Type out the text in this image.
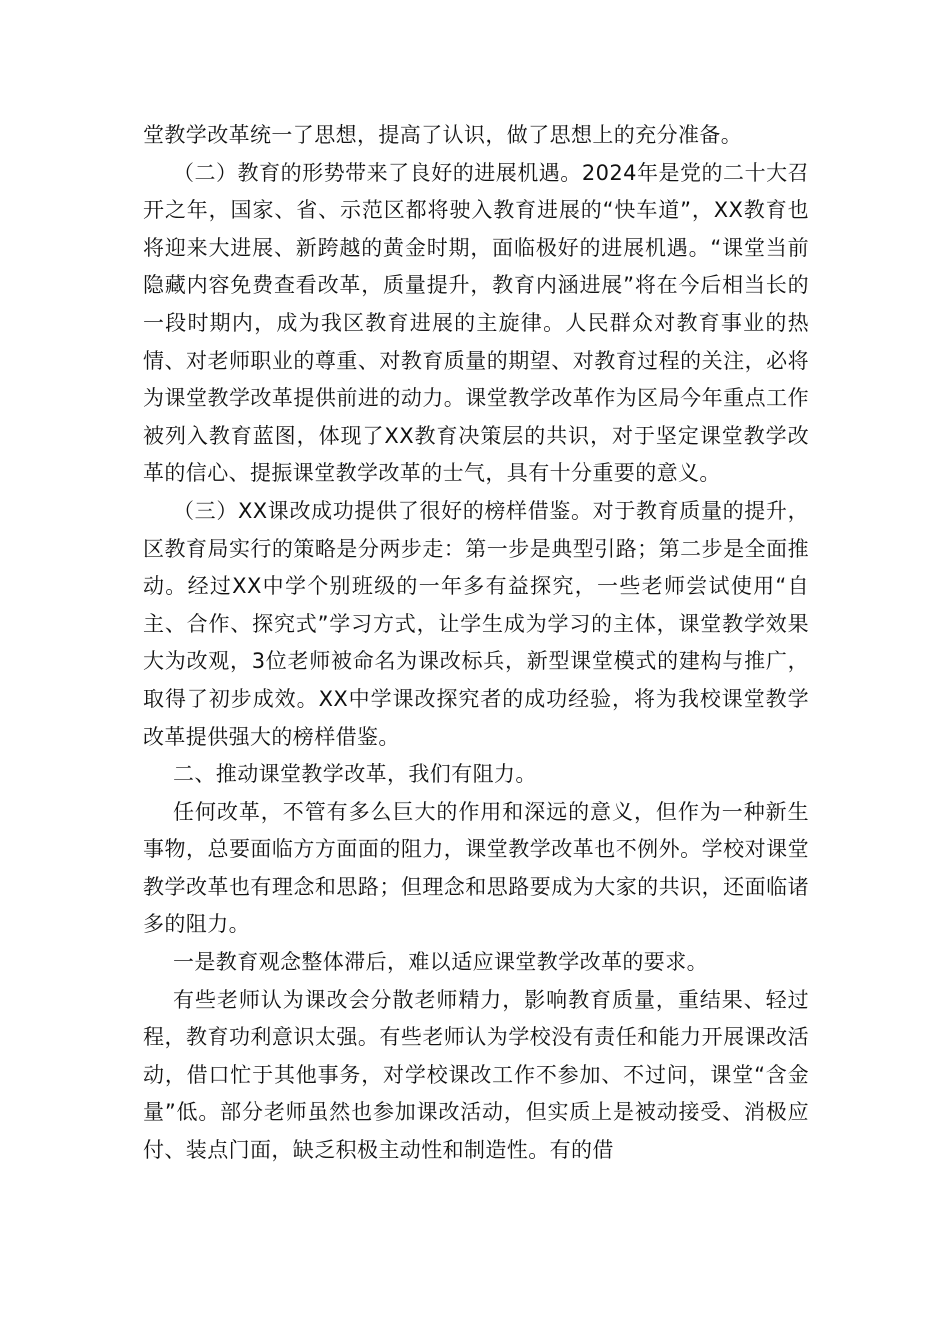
堂教学改革统一了思想，提高了认识，做了思想上的充分准备。

（二）教育的形势带来了良好的进展机遇。2024年是党的二十大召开之年，国家、省、示范区都将驶入教育进展的“快车道”，XX教育也将迎来大进展、新跨越的黄金时期，面临极好的进展机遇。“课堂当前隐藏内容免费查看改革，质量提升，教育内涵进展”将在今后相当长的一段时期内，成为我区教育进展的主旋律。人民群众对教育事业的热情、对老师职业的尊重、对教育质量的期望、对教育过程的关注，必将为课堂教学改革提供前进的动力。课堂教学改革作为区局今年重点工作被列入教育蓝图，体现了XX教育决策层的共识，对于坚定课堂教学改革的信心、提振课堂教学改革的士气，具有十分重要的意义。

（三）XX课改成功提供了很好的榜样借鉴。对于教育质量的提升，区教育局实行的策略是分两步走：第一步是典型引路；第二步是全面推动。经过XX中学个别班级的一年多有益探究，一些老师尝试使用“自主、合作、探究式”学习方式，让学生成为学习的主体，课堂教学效果大为改观，3位老师被命名为课改标兵，新型课堂模式的建构与推广，取得了初步成效。XX中学课改探究者的成功经验，将为我校课堂教学改革提供强大的榜样借鉴。

二、推动课堂教学改革，我们有阻力。

任何改革，不管有多么巨大的作用和深远的意义，但作为一种新生事物，总要面临方方面面的阻力，课堂教学改革也不例外。学校对课堂教学改革也有理念和思路；但理念和思路要成为大家的共识，还面临诸多的阻力。

一是教育观念整体滞后，难以适应课堂教学改革的要求。

有些老师认为课改会分散老师精力，影响教育质量，重结果、轻过程，教育功利意识太强。有些老师认为学校没有责任和能力开展课改活动，借口忙于其他事务，对学校课改工作不参加、不过问，课堂“含金量”低。部分老师虽然也参加课改活动，但实质上是被动接受、消极应付、装点门面，缺乏积极主动性和制造性。有的借
